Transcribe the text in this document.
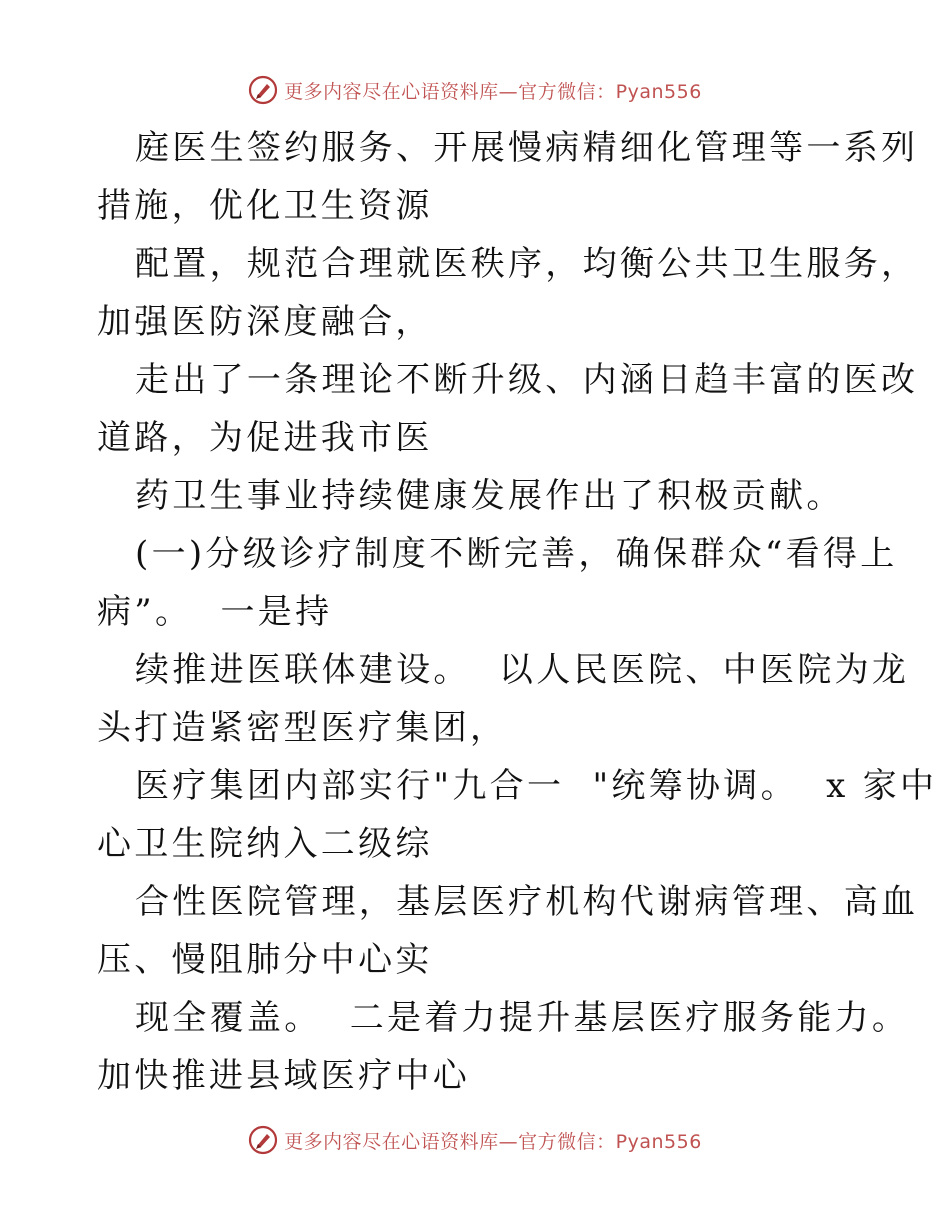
更多内容尽在心语资料库—官方微信：Pyan556
庭医生签约服务、开展慢病精细化管理等一系列
措施，优化卫生资源
配置，规范合理就医秩序，均衡公共卫生服务，
加强医防深度融合，
走出了一条理论不断升级、内涵日趋丰富的医改
道路，为促进我市医
药卫生事业持续健康发展作出了积极贡献。
(一)分级诊疗制度不断完善，确保群众“看得上
病”。  一是持
续推进医联体建设。  以人民医院、中医院为龙
头打造紧密型医疗集团，
医疗集团内部实行"九合一  "统筹协调。  x 家中
心卫生院纳入二级综
合性医院管理，基层医疗机构代谢病管理、高血
压、慢阻肺分中心实
现全覆盖。  二是着力提升基层医疗服务能力。
加快推进县域医疗中心
更多内容尽在心语资料库—官方微信：Pyan556
